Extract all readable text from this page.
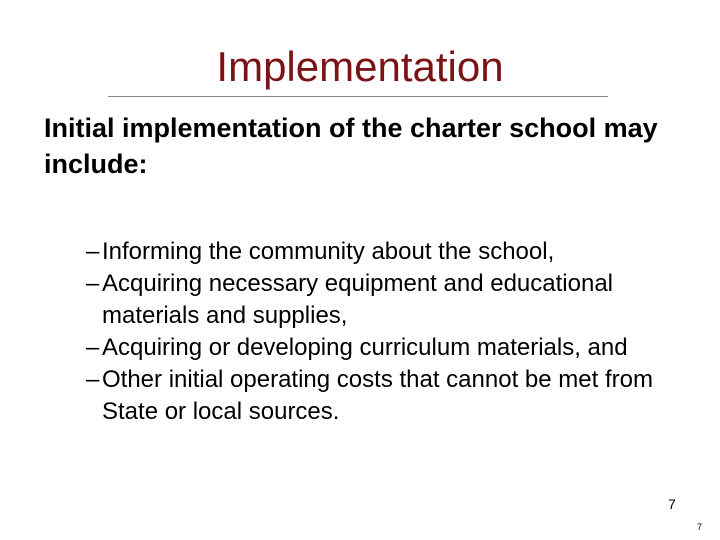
Implementation
Initial implementation of the charter school may include:
– Informing the community about the school,
– Acquiring necessary equipment and educational materials and supplies,
– Acquiring or developing curriculum materials, and
– Other initial operating costs that cannot be met from State or local sources.
7
7
